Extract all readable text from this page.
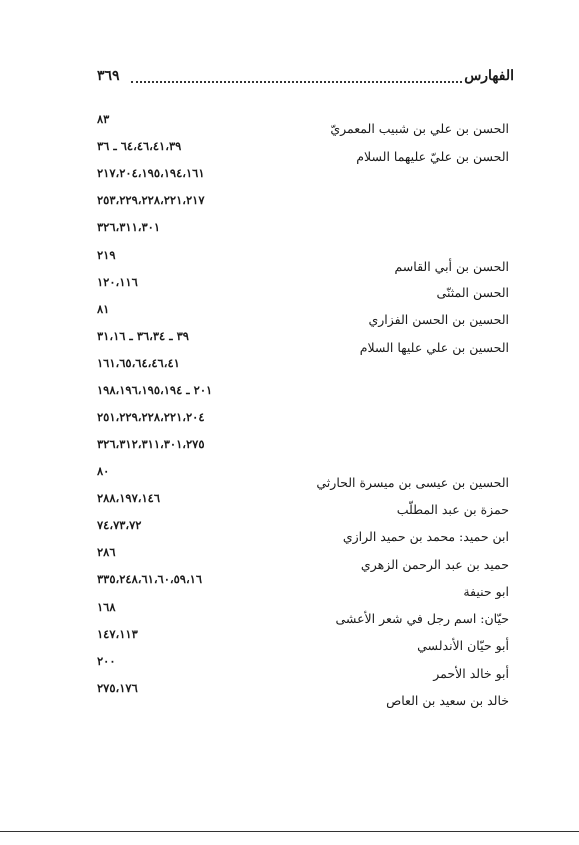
الفهارس
٣٦٩
الحسن بن علي بن شبيب المعمريّ
الحسن بن عليّ عليهما السلام
الحسن بن أبي القاسم
الحسن المثنّى
الحسين بن الحسن الفزاري
الحسين بن علي عليها السلام
الحسين بن عيسى بن ميسرة الحارثي
حمزة بن عبد المطلّب
ابن حميد: محمد بن حميد الرازي
حميد بن عبد الرحمن الزهري
ابو حنيفة
حيّان: اسم رجل في شعر الأعشى
أبو حيّان الأندلسي
أبو خالد الأحمر
خالد بن سعيد بن العاص
٨٣
٦٤،٤٦،٤١،٣٩ ـ ٣٦
٢١٧،٢٠٤،١٩٥،١٩٤،١٦١
٢٥٣،٢٢٩،٢٢٨،٢٢١،٢١٧
٣٢٦،٣١١،٣٠١
٢١٩
١٢٠،١١٦
٨١
٣٩ ـ ٣٦،٣٤ ـ ٣١،١٦
١٦١،٦٥،٦٤،٤٦،٤١
٢٠١ ـ ١٩٨،١٩٦،١٩٥،١٩٤
٢٥١،٢٢٩،٢٢٨،٢٢١،٢٠٤
٣٢٦،٣١٢،٣١١،٣٠١،٢٧٥
٨٠
٢٨٨،١٩٧،١٤٦
٧٤،٧٣،٧٢
٢٨٦
٣٣٥،٢٤٨،٦١،٦٠،٥٩،١٦
١٦٨
١٤٧،١١٣
٢٠٠
٢٧٥،١٧٦
